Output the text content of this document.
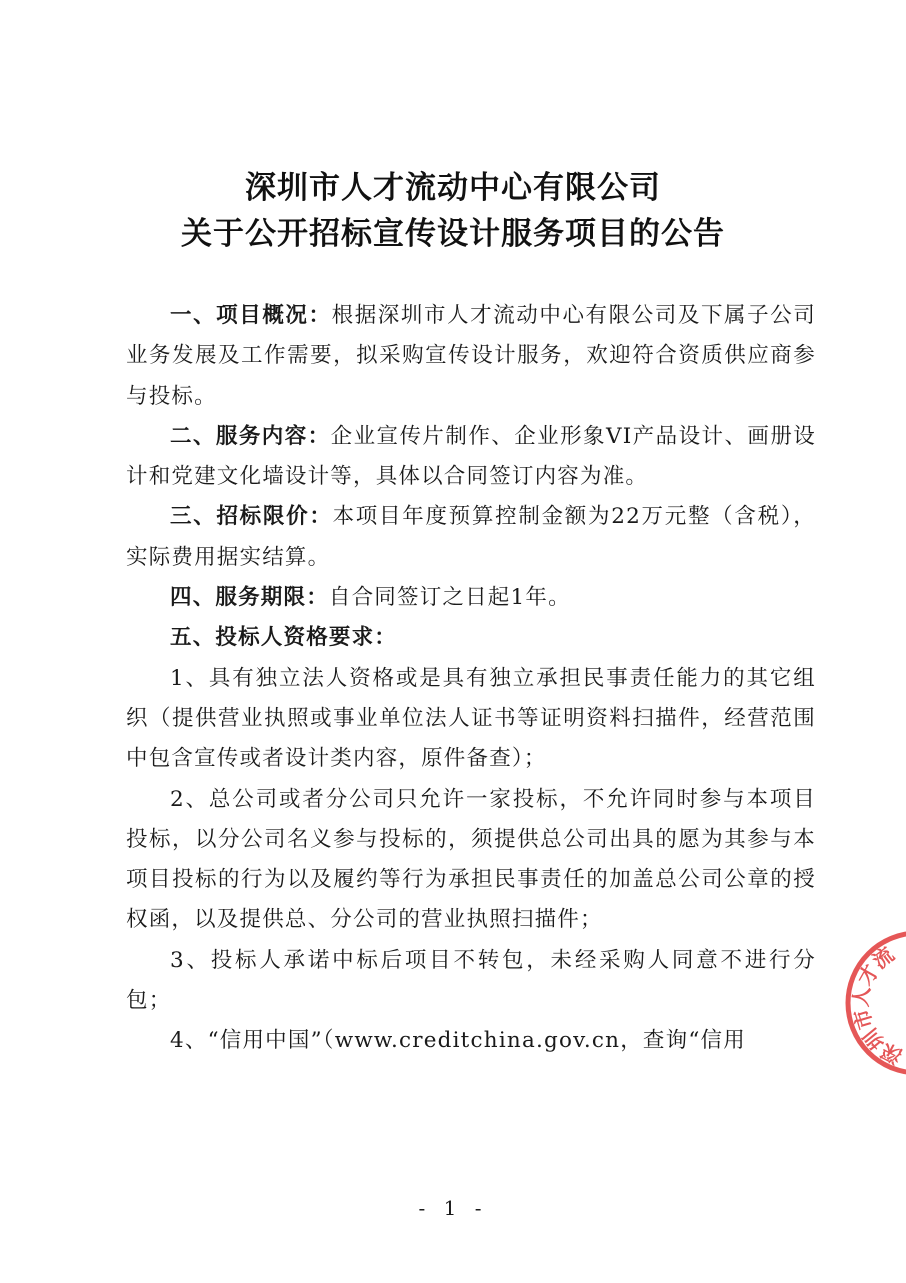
深圳市人才流动中心有限公司
关于公开招标宣传设计服务项目的公告

一、项目概况：根据深圳市人才流动中心有限公司及下属子公司业务发展及工作需要，拟采购宣传设计服务，欢迎符合资质供应商参与投标。

二、服务内容：企业宣传片制作、企业形象VI产品设计、画册设计和党建文化墙设计等，具体以合同签订内容为准。

三、招标限价：本项目年度预算控制金额为22万元整（含税），实际费用据实结算。

四、服务期限：自合同签订之日起1年。

五、投标人资格要求：

1、具有独立法人资格或是具有独立承担民事责任能力的其它组织（提供营业执照或事业单位法人证书等证明资料扫描件，经营范围中包含宣传或者设计类内容，原件备查）；

2、总公司或者分公司只允许一家投标，不允许同时参与本项目投标，以分公司名义参与投标的，须提供总公司出具的愿为其参与本项目投标的行为以及履约等行为承担民事责任的加盖总公司公章的授权函，以及提供总、分公司的营业执照扫描件；

3、投标人承诺中标后项目不转包，未经采购人同意不进行分包；

4、“信用中国”（www.creditchina.gov.cn，查询“信用

- 1 -
深圳市人才流
